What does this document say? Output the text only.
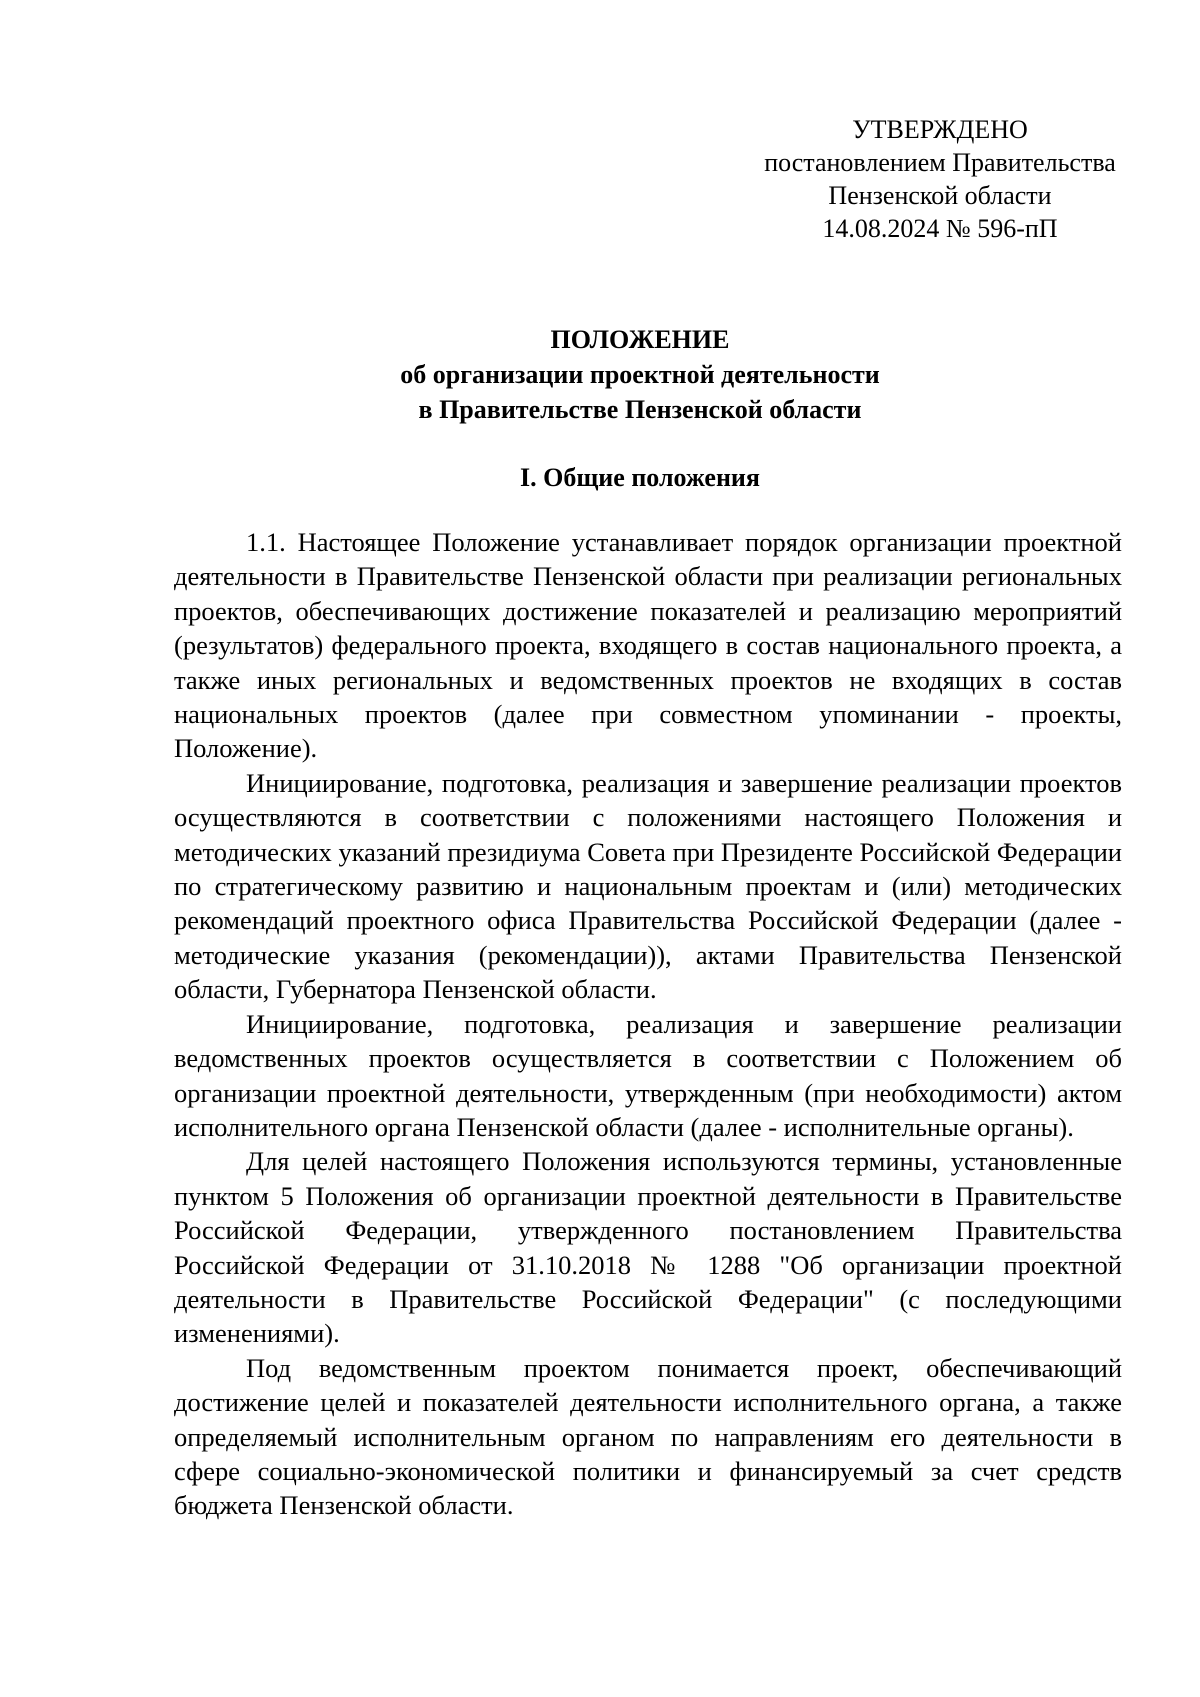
УТВЕРЖДЕНО
постановлением Правительства
Пензенской области
14.08.2024 № 596-пП
ПОЛОЖЕНИЕ
об организации проектной деятельности
в Правительстве Пензенской области
I. Общие положения

1.1. Настоящее Положение устанавливает порядок организации проектной деятельности в Правительстве Пензенской области при реализации региональных проектов, обеспечивающих достижение показателей и реализацию мероприятий (результатов) федерального проекта, входящего в состав национального проекта, а также иных региональных и ведомственных проектов не входящих в состав национальных проектов (далее при совместном упоминании - проекты, Положение).

Инициирование, подготовка, реализация и завершение реализации проектов осуществляются в соответствии с положениями настоящего Положения и методических указаний президиума Совета при Президенте Российской Федерации по стратегическому развитию и национальным проектам и (или) методических рекомендаций проектного офиса Правительства Российской Федерации (далее - методические указания (рекомендации)), актами Правительства Пензенской области, Губернатора Пензенской области.

Инициирование, подготовка, реализация и завершение реализации ведомственных проектов осуществляется в соответствии с Положением об организации проектной деятельности, утвержденным (при необходимости) актом исполнительного органа Пензенской области (далее - исполнительные органы).

Для целей настоящего Положения используются термины, установленные пунктом 5 Положения об организации проектной деятельности в Правительстве Российской Федерации, утвержденного постановлением Правительства Российской Федерации от 31.10.2018 № 1288 "Об организации проектной деятельности в Правительстве Российской Федерации" (с последующими изменениями).

Под ведомственным проектом понимается проект, обеспечивающий достижение целей и показателей деятельности исполнительного органа, а также определяемый исполнительным органом по направлениям его деятельности в сфере социально-экономической политики и финансируемый за счет средств бюджета Пензенской области.
